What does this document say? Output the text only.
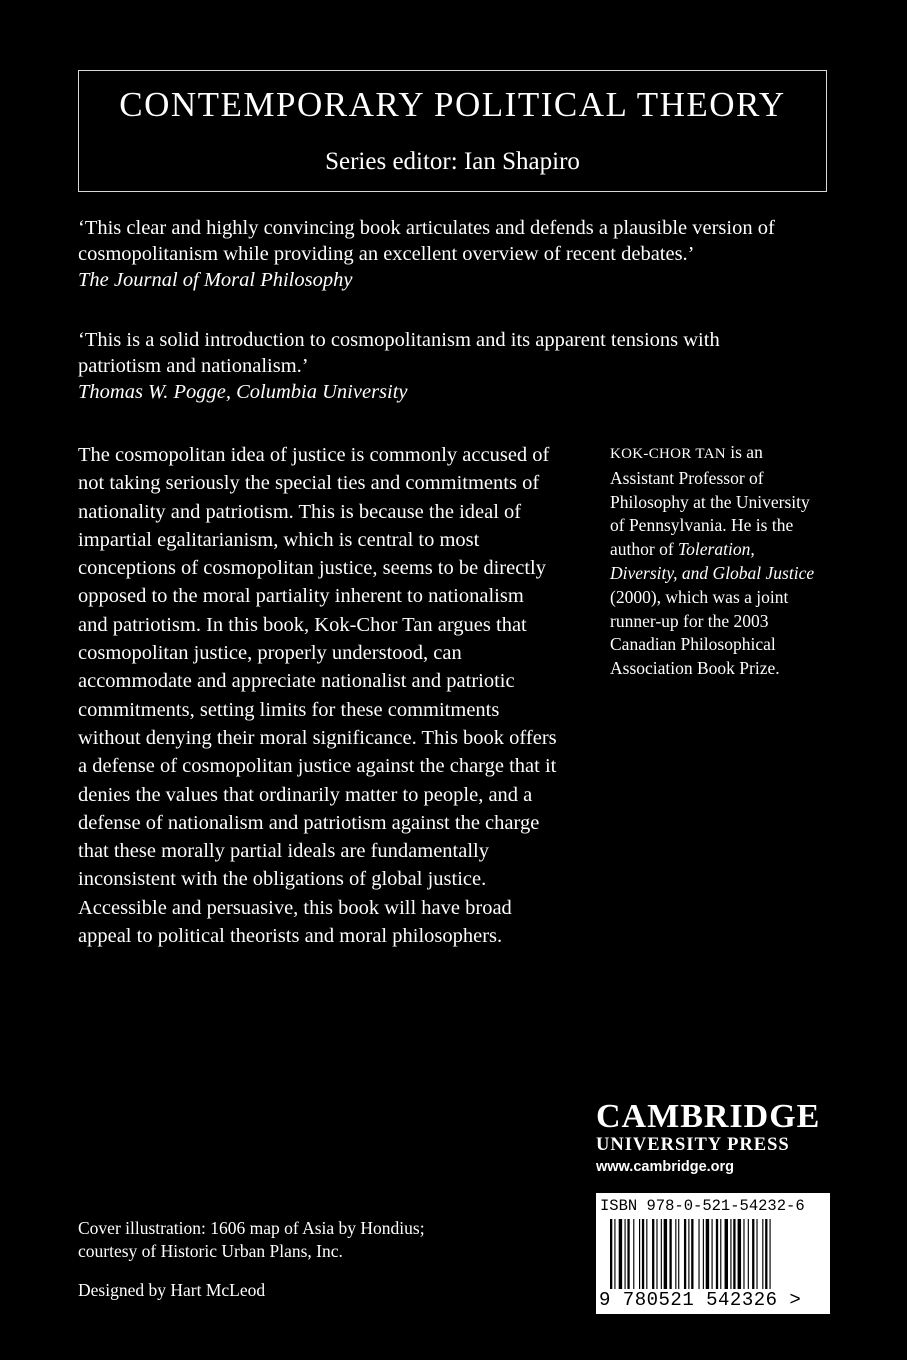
CONTEMPORARY POLITICAL THEORY
Series editor: Ian Shapiro

‘This clear and highly convincing book articulates and defends a plausible version of

cosmopolitanism while providing an excellent overview of recent debates.’

The Journal of Moral Philosophy

‘This is a solid introduction to cosmopolitanism and its apparent tensions with

patriotism and nationalism.’

Thomas W. Pogge, Columbia University

The cosmopolitan idea of justice is commonly accused of
not taking seriously the special ties and commitments of
nationality and patriotism. This is because the ideal of
impartial egalitarianism, which is central to most
conceptions of cosmopolitan justice, seems to be directly
opposed to the moral partiality inherent to nationalism
and patriotism. In this book, Kok-Chor Tan argues that
cosmopolitan justice, properly understood, can
accommodate and appreciate nationalist and patriotic
commitments, setting limits for these commitments
without denying their moral significance. This book offers
a defense of cosmopolitan justice against the charge that it
denies the values that ordinarily matter to people, and a
defense of nationalism and patriotism against the charge
that these morally partial ideals are fundamentally
inconsistent with the obligations of global justice.
Accessible and persuasive, this book will have broad
appeal to political theorists and moral philosophers.
KOK-CHOR TAN is an
Assistant Professor of
Philosophy at the University
of Pennsylvania. He is the
author of Toleration,
Diversity, and Global Justice
(2000), which was a joint
runner-up for the 2003
Canadian Philosophical
Association Book Prize.
CAMBRIDGE
UNIVERSITY PRESS
www.cambridge.org

Cover illustration: 1606 map of Asia by Hondius;

courtesy of Historic Urban Plans, Inc.

Designed by Hart McLeod

ISBN 978-0-521-54232-6
9 780521 542326 >
